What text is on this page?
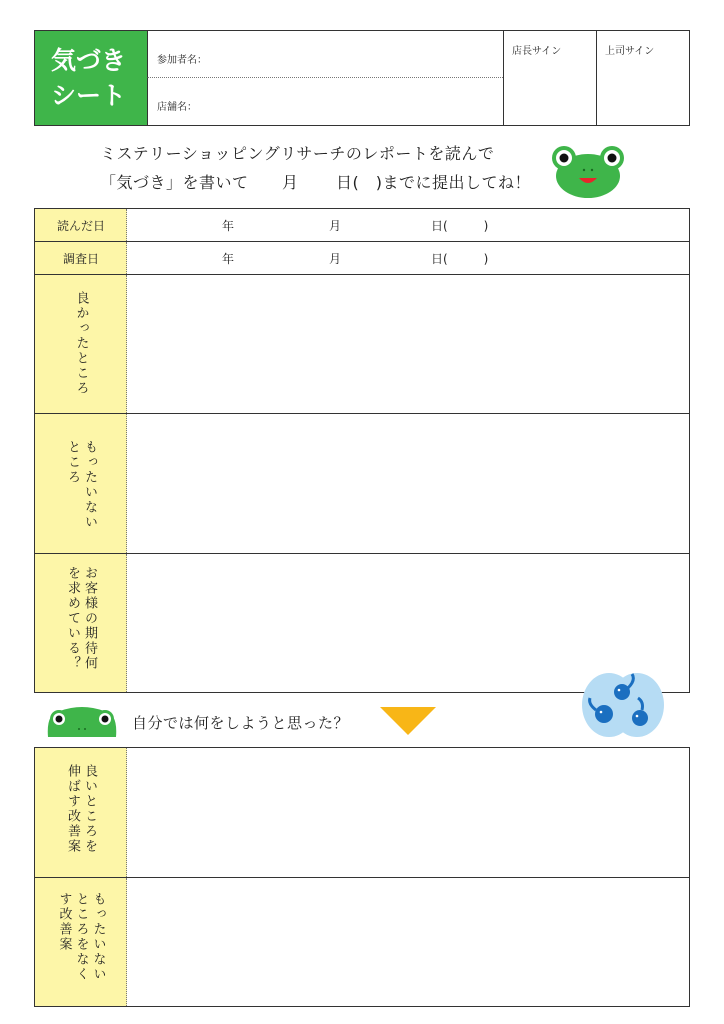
気づき
シート
参加者名：
店舗名：
店長サイン	上司サイン
ミステリーショッピングリサーチのレポートを読んで
「気づき」を書いて 月 日(　)までに提出してね！
読んだ日	年	月	日(　　　)
調査日	年	月	日(　　　)
良かったところ
もったいないところ
お客様の期待何を求めている？
自分では何をしようと思った？
良いところを伸ばす改善案
もったいないところをなくす改善案
